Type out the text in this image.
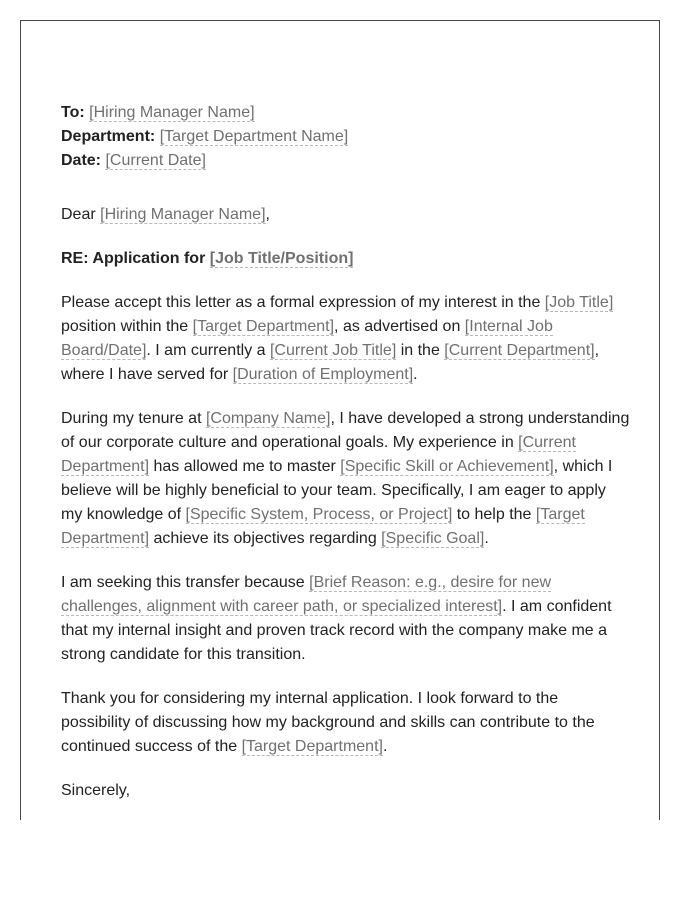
To: [Hiring Manager Name]
Department: [Target Department Name]
Date: [Current Date]
Dear [Hiring Manager Name],
RE: Application for [Job Title/Position]

Please accept this letter as a formal expression of my interest in the [Job Title] position within the [Target Department], as advertised on [Internal Job Board/Date]. I am currently a [Current Job Title] in the [Current Department], where I have served for [Duration of Employment].

During my tenure at [Company Name], I have developed a strong understanding of our corporate culture and operational goals. My experience in [Current Department] has allowed me to master [Specific Skill or Achievement], which I believe will be highly beneficial to your team. Specifically, I am eager to apply my knowledge of [Specific System, Process, or Project] to help the [Target Department] achieve its objectives regarding [Specific Goal].

I am seeking this transfer because [Brief Reason: e.g., desire for new challenges, alignment with career path, or specialized interest]. I am confident that my internal insight and proven track record with the company make me a strong candidate for this transition.

Thank you for considering my internal application. I look forward to the possibility of discussing how my background and skills can contribute to the continued success of the [Target Department].

Sincerely,
